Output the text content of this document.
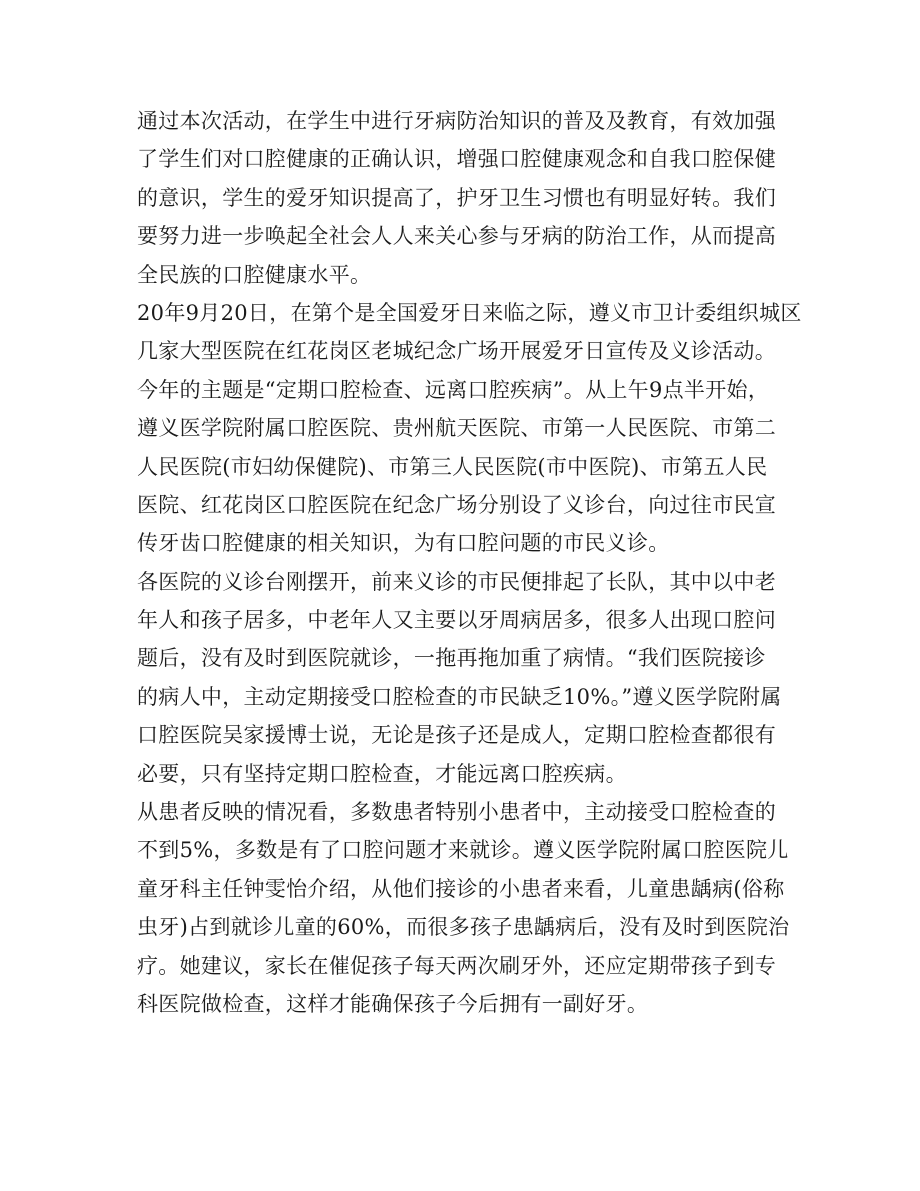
通过本次活动，在学生中进行牙病防治知识的普及及教育，有效加强
了学生们对口腔健康的正确认识，增强口腔健康观念和自我口腔保健
的意识，学生的爱牙知识提高了，护牙卫生习惯也有明显好转。我们
要努力进一步唤起全社会人人来关心参与牙病的防治工作，从而提高
全民族的口腔健康水平。
20年9月20日，在第个是全国爱牙日来临之际，遵义市卫计委组织城区
几家大型医院在红花岗区老城纪念广场开展爱牙日宣传及义诊活动。
今年的主题是“定期口腔检查、远离口腔疾病”。从上午9点半开始，
遵义医学院附属口腔医院、贵州航天医院、市第一人民医院、市第二
人民医院(市妇幼保健院)、市第三人民医院(市中医院)、市第五人民
医院、红花岗区口腔医院在纪念广场分别设了义诊台，向过往市民宣
传牙齿口腔健康的相关知识，为有口腔问题的市民义诊。
各医院的义诊台刚摆开，前来义诊的市民便排起了长队，其中以中老
年人和孩子居多，中老年人又主要以牙周病居多，很多人出现口腔问
题后，没有及时到医院就诊，一拖再拖加重了病情。“我们医院接诊
的病人中，主动定期接受口腔检查的市民缺乏10%。”遵义医学院附属
口腔医院吴家援博士说，无论是孩子还是成人，定期口腔检查都很有
必要，只有坚持定期口腔检查，才能远离口腔疾病。
从患者反映的情况看，多数患者特别小患者中，主动接受口腔检查的
不到5%，多数是有了口腔问题才来就诊。遵义医学院附属口腔医院儿
童牙科主任钟雯怡介绍，从他们接诊的小患者来看，儿童患龋病(俗称
虫牙)占到就诊儿童的60%，而很多孩子患龋病后，没有及时到医院治
疗。她建议，家长在催促孩子每天两次刷牙外，还应定期带孩子到专
科医院做检查，这样才能确保孩子今后拥有一副好牙。
